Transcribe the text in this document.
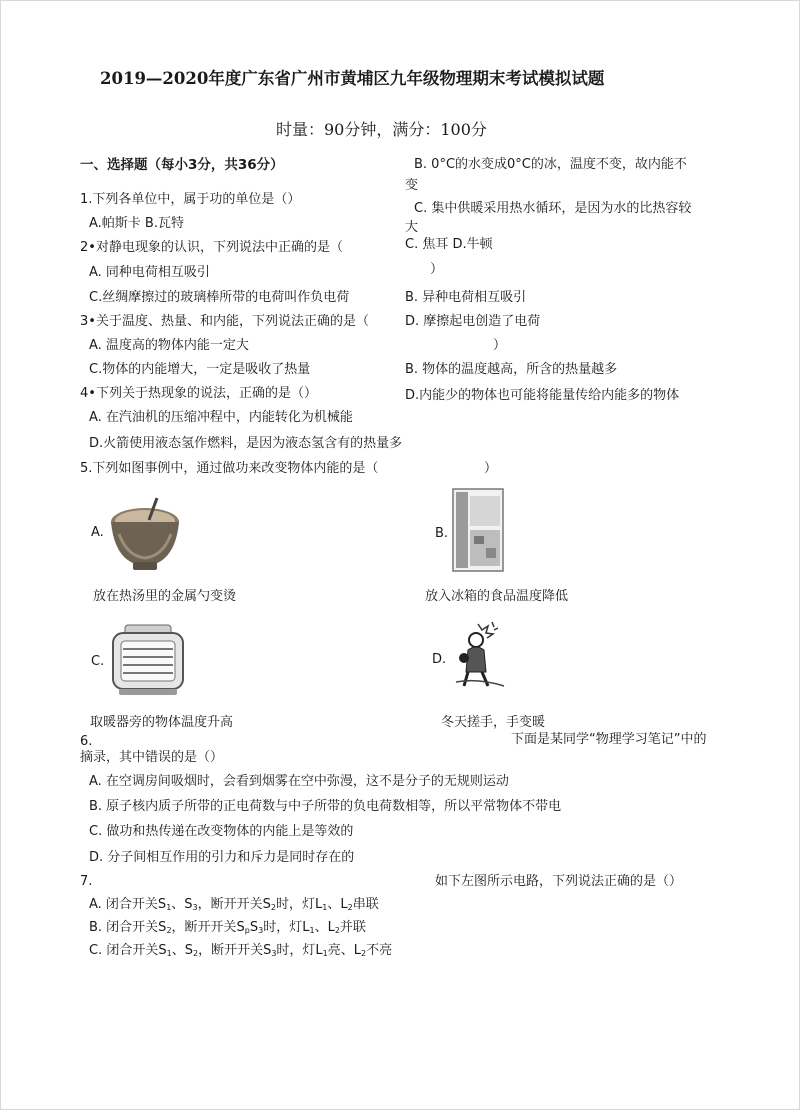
2019—2020年度广东省广州市黄埔区九年级物理期末考试模拟试题
时量：90分钟，满分：100分
一、选择题（每小3分，共36分）
1.下列各单位中，属于功的单位是（）
A.帕斯卡 B.瓦特
2•对静电现象的认识，下列说法中正确的是（
A. 同种电荷相互吸引
C.丝绸摩擦过的玻璃棒所带的电荷叫作负电荷
3•关于温度、热量、和内能，下列说法正确的是（
A. 温度高的物体内能一定大
C.物体的内能增大，一定是吸收了热量
4•下列关于热现象的说法，正确的是（）
A. 在汽油机的压缩冲程中，内能转化为机械能
D.火箭使用液态氢作燃料，是因为液态氢含有的热量多
B. 0°C的水变成0°C的冰，温度不变，故内能不
变
C. 集中供暖采用热水循环，是因为水的比热容较
大
C. 焦耳 D.牛顿
）
B. 异种电荷相互吸引
D. 摩擦起电创造了电荷
）
B. 物体的温度越高，所含的热量越多
D.内能少的物体也可能将能量传给内能多的物体
5.下列如图事例中，通过做功来改变物体内能的是（	）
A.
放在热汤里的金属勺变烫
B.
放入冰箱的食品温度降低
C.
取暖器旁的物体温度升高
D.
冬天搓手，手变暖
6.	下面是某同学“物理学习笔记”中的
摘录，其中错误的是（）
A. 在空调房间吸烟时，会看到烟雾在空中弥漫，这不是分子的无规则运动
B. 原子核内质子所带的正电荷数与中子所带的负电荷数相等，所以平常物体不带电
C. 做功和热传递在改变物体的内能上是等效的
D. 分子间相互作用的引力和斥力是同时存在的
7.	如下左图所示电路，下列说法正确的是（）
A. 闭合开关S1、S3，断开开关S2时，灯L1、L2串联
B. 闭合开关S2，断开开关SpS3时，灯L1、L2并联
C. 闭合开关S1、S2，断开开关S3时，灯L1亮、L2不亮
